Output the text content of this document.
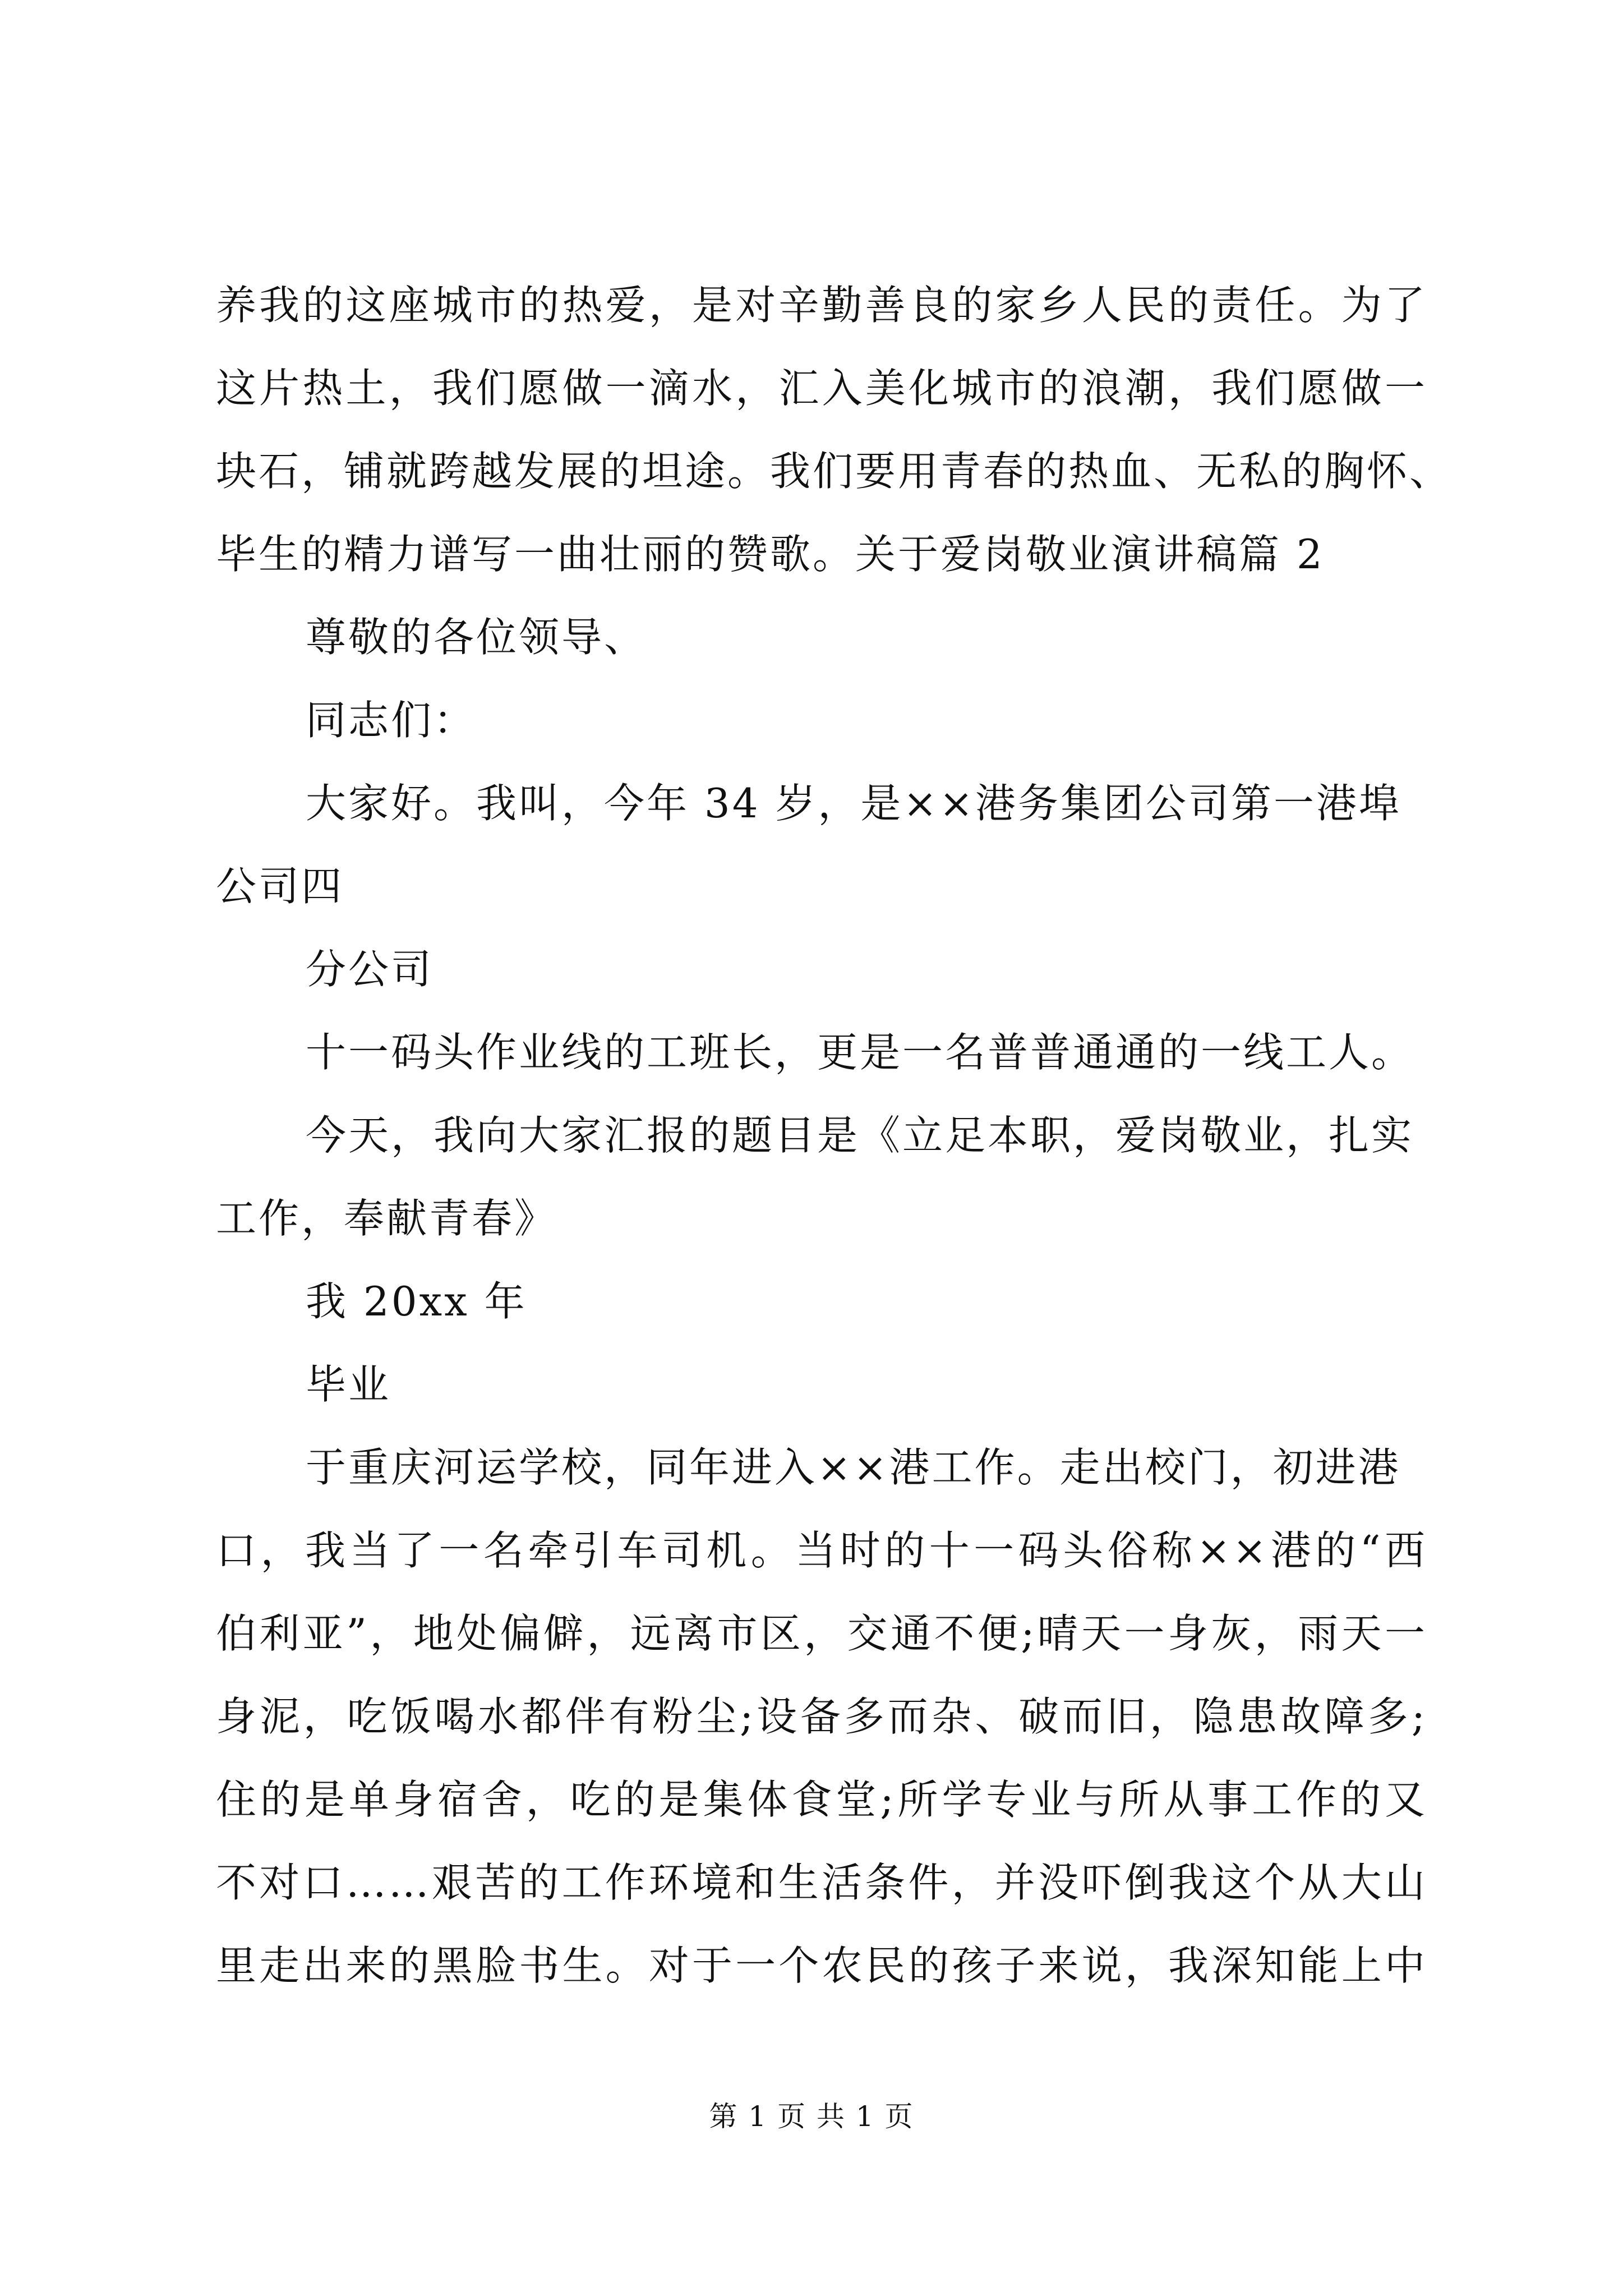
养我的这座城市的热爱，是对辛勤善良的家乡人民的责任。为了
这片热土，我们愿做一滴水，汇入美化城市的浪潮，我们愿做一
块石，铺就跨越发展的坦途。我们要用青春的热血、无私的胸怀、
毕生的精力谱写一曲壮丽的赞歌。关于爱岗敬业演讲稿篇 2
尊敬的各位领导、
同志们：
大家好。我叫，今年 34 岁，是××港务集团公司第一港埠
公司四
分公司
十一码头作业线的工班长，更是一名普普通通的一线工人。
今天，我向大家汇报的题目是《立足本职，爱岗敬业，扎实
工作，奉献青春》
我 20xx 年
毕业
于重庆河运学校，同年进入××港工作。走出校门，初进港
口，我当了一名牵引车司机。当时的十一码头俗称××港的“西
伯利亚”，地处偏僻，远离市区，交通不便;晴天一身灰，雨天一
身泥，吃饭喝水都伴有粉尘;设备多而杂、破而旧，隐患故障多;
住的是单身宿舍，吃的是集体食堂;所学专业与所从事工作的又
不对口……艰苦的工作环境和生活条件，并没吓倒我这个从大山
里走出来的黑脸书生。对于一个农民的孩子来说，我深知能上中
第 1 页 共 1 页
